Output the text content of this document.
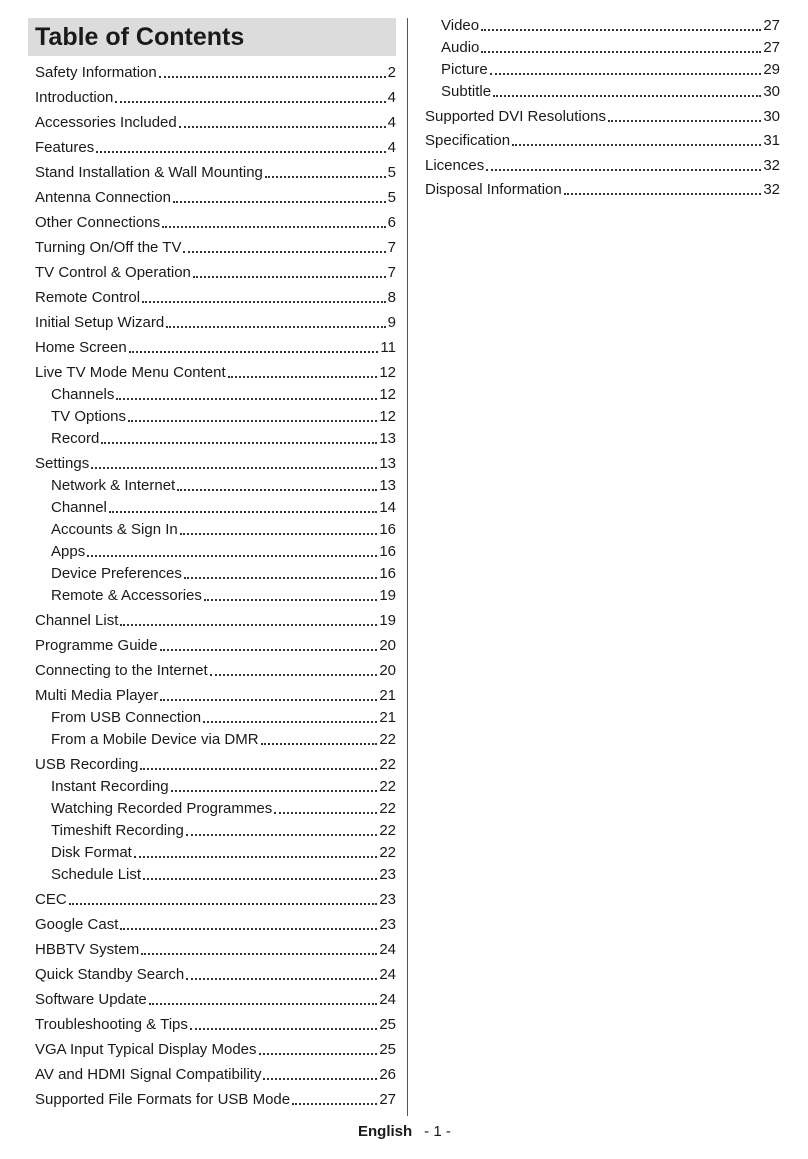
Table of Contents
Safety Information	2
Introduction	4
Accessories Included	4
Features	4
Stand Installation & Wall Mounting	5
Antenna Connection	5
Other Connections	6
Turning On/Off the TV	7
TV Control & Operation	7
Remote Control	8
Initial Setup Wizard	9
Home Screen	11
Live TV Mode Menu Content	12
Channels	12
TV Options	12
Record	13
Settings	13
Network & Internet	13
Channel	14
Accounts & Sign In	16
Apps	16
Device Preferences	16
Remote & Accessories	19
Channel List	19
Programme Guide	20
Connecting to the Internet	20
Multi Media Player	21
From USB Connection	21
From a Mobile Device via DMR	22
USB Recording	22
Instant Recording	22
Watching Recorded Programmes	22
Timeshift Recording	22
Disk Format	22
Schedule List	23
CEC	23
Google Cast	23
HBBTV System	24
Quick Standby Search	24
Software Update	24
Troubleshooting & Tips	25
VGA Input Typical Display Modes	25
AV and HDMI Signal Compatibility	26
Supported File Formats for USB Mode	27
Video	27
Audio	27
Picture	29
Subtitle	30
Supported DVI Resolutions	30
Specification	31
Licences	32
Disposal Information	32
English - 1 -
